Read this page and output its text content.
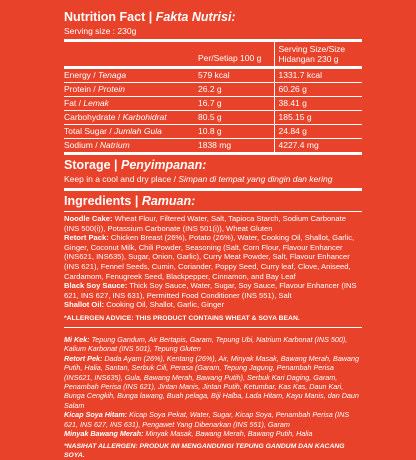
Nutrition Fact | Fakta Nutrisi:
Serving size : 230g
	Per/Setiap 100 g	Serving Size/Size
Hidangan 230 g

Energy / Tenaga	579 kcal	1331.7 kcal
Protein / Protein	26.2 g	60.26 g
Fat / Lemak	16.7 g	38.41 g
Carbohydrate / Karbohidrat	80.5 g	185.15 g
Total Sugar / Jumlah Gula	10.8 g	24.84 g
Sodium / Natrium	1838 mg	4227.4 mg
Storage | Penyimpanan:
Keep in a cool and dry place / Simpan di tempat yang dingin dan kering
Ingredients | Ramuan:

Noodle Cake: Wheat Flour, Filtered Water, Salt, Tapioca Starch, Sodium Carbonate (INS 500(i)), Potassium Carbonate (INS 501(i)), Wheat Gluten

Retort Pack: Chicken Breast (26%), Potato (26%), Water, Cooking Oil, Shallot, Garlic, Ginger, Coconut Milk, Chili Powder, Seasoning (Salt, Corn Flour, Flavour Enhancer (INS621, INS635), Sugar, Onion, Garlic), Curry Meat Powder, Salt, Flavour Enhancer (INS 621), Fennel Seeds, Cumin, Coriander, Poppy Seed, Curry leaf, Clove, Aniseed, Cardamom, Fenugreek Seed, Blackpepper, Cinnamon, and Bay Leaf

Black Soy Sauce: Thick Soy Sauce, Water, Sugar, Soy Sauce, Flavour Enhancer (INS 621, INS 627, INS 631), Permitted Food Conditioner (INS 551), Salt

Shallot Oil: Cooking Oil, Shallot, Garlic, Ginger

*ALLERGEN ADVICE: THIS PRODUCT CONTAINS WHEAT & SOYA BEAN.

Mi Kek: Tepung Gandum, Air Bertapis, Garam, Tepung Ubi, Natrium Karbonat (INS 500), Kalium Karbonat (INS 501), Tepung Gluten

Retort Pek: Dada Ayam (26%), Kentang (26%), Air, Minyak Masak, Bawang Merah, Bawang Putih, Halia, Santan, Serbuk Cili, Perasa (Garam, Tepung Jagung, Penambah Perisa (INS621, INS635), Gula, Bawang Merah, Bawang Putih), Serbuk Kari Daging, Garam, Penambah Perisa (INS 621), Jintan Manis, Jintan Putih, Ketumbar, Kas Kas, Daun Kari, Bunga Cengkih, Bunga lawang, Buah pelaga, Biji Halba, Lada Hitam, Kayu Manis, dan Daun Salam

Kicap Soya Hitam: Kicap Soya Pekat, Water, Sugar, Kicap Soya, Penambah Perisa (INS 621, INS 627, INS 631), Pengawet Yang Dibenarkan (INS 551), Garam

Minyak Bawang Merah: Minyak Masak, Bawang Merah, Bawang Putih, Halia

*NASIHAT ALLERGEN: PRODUK INI MENGANDUNGI TEPUNG GANDUM DAN KACANG SOYA.
